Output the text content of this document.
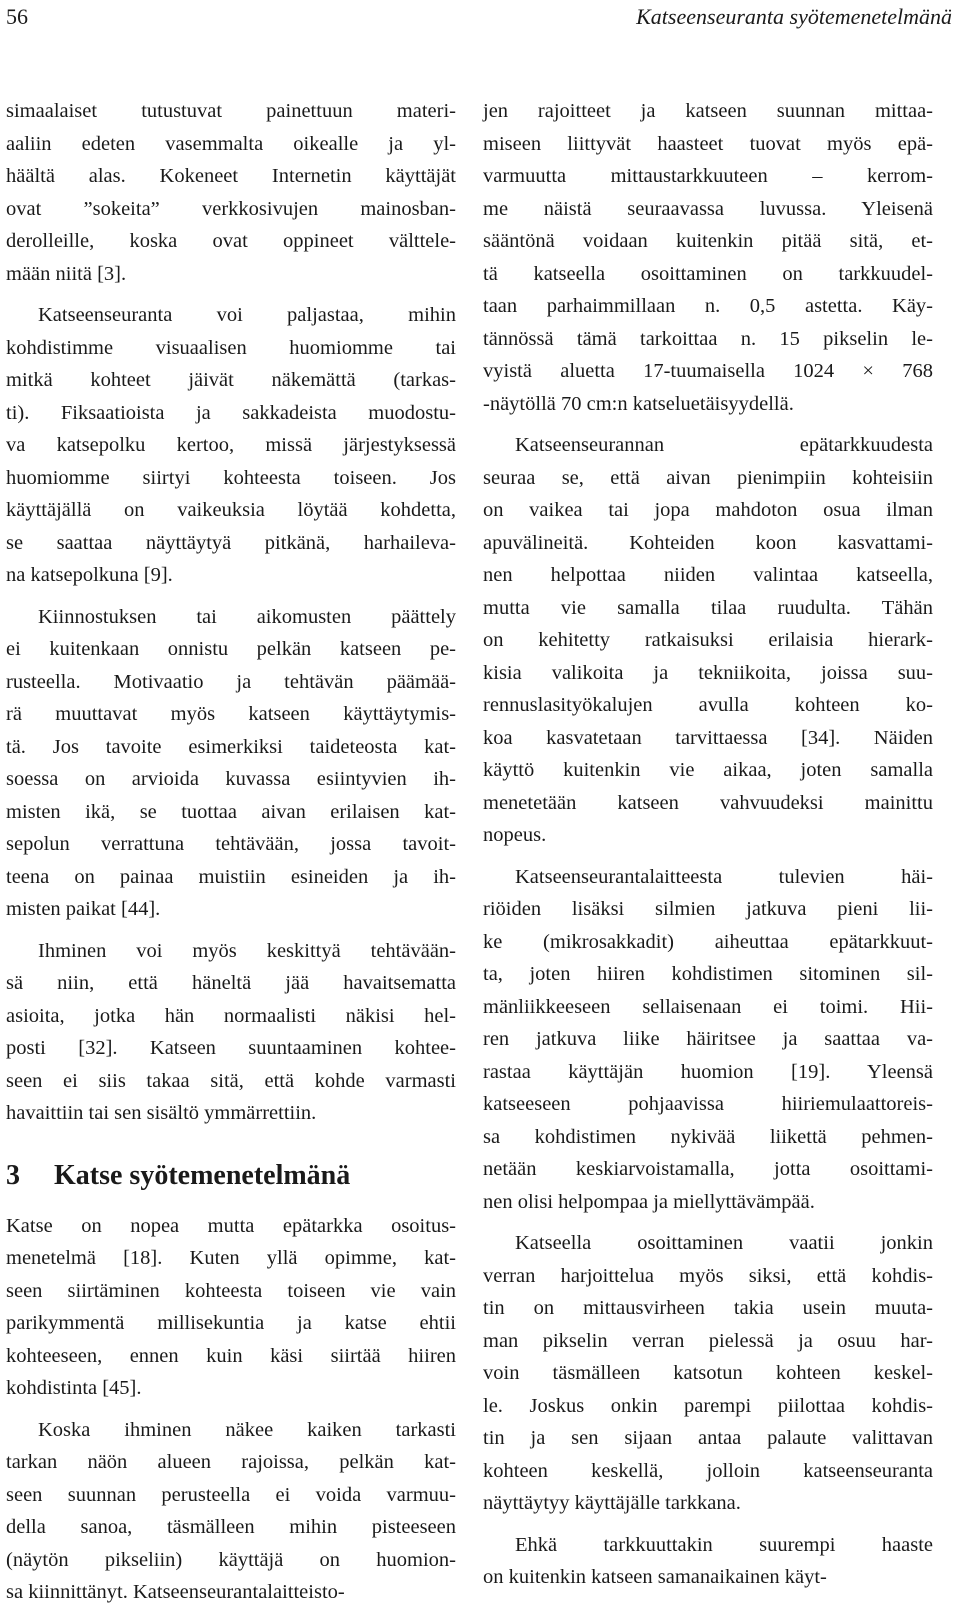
56	Katseenseuranta syötemenetelmänä
simaalaiset tutustuvat painettuun materi-
aaliin edeten vasemmalta oikealle ja yl-
häältä alas. Kokeneet Internetin käyttäjät
ovat ”sokeita” verkkosivujen mainosban-
derolleille, koska ovat oppineet välttele-
mään niitä [3].
Katseenseuranta voi paljastaa, mihin
kohdistimme visuaalisen huomiomme tai
mitkä kohteet jäivät näkemättä (tarkas-
ti). Fiksaatioista ja sakkadeista muodostu-
va katsepolku kertoo, missä järjestyksessä
huomiomme siirtyi kohteesta toiseen. Jos
käyttäjällä on vaikeuksia löytää kohdetta,
se saattaa näyttäytyä pitkänä, harhaileva-
na katsepolkuna [9].
Kiinnostuksen tai aikomusten päättely
ei kuitenkaan onnistu pelkän katseen pe-
rusteella. Motivaatio ja tehtävän päämää-
rä muuttavat myös katseen käyttäytymis-
tä. Jos tavoite esimerkiksi taideteosta kat-
soessa on arvioida kuvassa esiintyvien ih-
misten ikä, se tuottaa aivan erilaisen kat-
sepolun verrattuna tehtävään, jossa tavoit-
teena on painaa muistiin esineiden ja ih-
misten paikat [44].
Ihminen voi myös keskittyä tehtävään-
sä niin, että häneltä jää havaitsematta
asioita, jotka hän normaalisti näkisi hel-
posti [32]. Katseen suuntaaminen kohtee-
seen ei siis takaa sitä, että kohde varmasti
havaittiin tai sen sisältö ymmärrettiin.
3 Katse syötemenetelmänä
Katse on nopea mutta epätarkka osoitus-
menetelmä [18]. Kuten yllä opimme, kat-
seen siirtäminen kohteesta toiseen vie vain
parikymmentä millisekuntia ja katse ehtii
kohteeseen, ennen kuin käsi siirtää hiiren
kohdistinta [45].
Koska ihminen näkee kaiken tarkasti
tarkan näön alueen rajoissa, pelkän kat-
seen suunnan perusteella ei voida varmuu-
della sanoa, täsmälleen mihin pisteeseen
(näytön pikseliin) käyttäjä on huomion-
sa kiinnittänyt. Katseenseurantalaitteisto-
jen rajoitteet ja katseen suunnan mittaa-
miseen liittyvät haasteet tuovat myös epä-
varmuutta mittaustarkkuuteen – kerrom-
me näistä seuraavassa luvussa. Yleisenä
sääntönä voidaan kuitenkin pitää sitä, et-
tä katseella osoittaminen on tarkkuudel-
taan parhaimmillaan n. 0,5 astetta. Käy-
tännössä tämä tarkoittaa n. 15 pikselin le-
vyistä aluetta 17-tuumaisella 1024 × 768
-näytöllä 70 cm:n katseluetäisyydellä.
Katseenseurannan epätarkkuudesta
seuraa se, että aivan pienimpiin kohteisiin
on vaikea tai jopa mahdoton osua ilman
apuvälineitä. Kohteiden koon kasvattami-
nen helpottaa niiden valintaa katseella,
mutta vie samalla tilaa ruudulta. Tähän
on kehitetty ratkaisuksi erilaisia hierark-
kisia valikoita ja tekniikoita, joissa suu-
rennuslasityökalujen avulla kohteen ko-
koa kasvatetaan tarvittaessa [34]. Näiden
käyttö kuitenkin vie aikaa, joten samalla
menetetään katseen vahvuudeksi mainittu
nopeus.
Katseenseurantalaitteesta tulevien häi-
riöiden lisäksi silmien jatkuva pieni lii-
ke (mikrosakkadit) aiheuttaa epätarkkuut-
ta, joten hiiren kohdistimen sitominen sil-
mänliikkeeseen sellaisenaan ei toimi. Hii-
ren jatkuva liike häiritsee ja saattaa va-
rastaa käyttäjän huomion [19]. Yleensä
katseeseen pohjaavissa hiiriemulaattoreis-
sa kohdistimen nykivää liikettä pehmen-
netään keskiarvoistamalla, jotta osoittami-
nen olisi helpompaa ja miellyttävämpää.
Katseella osoittaminen vaatii jonkin
verran harjoittelua myös siksi, että kohdis-
tin on mittausvirheen takia usein muuta-
man pikselin verran pielessä ja osuu har-
voin täsmälleen katsotun kohteen keskel-
le. Joskus onkin parempi piilottaa kohdis-
tin ja sen sijaan antaa palaute valittavan
kohteen keskellä, jolloin katseenseuranta
näyttäytyy käyttäjälle tarkkana.
Ehkä tarkkuuttakin suurempi haaste
on kuitenkin katseen samanaikainen käyt-
